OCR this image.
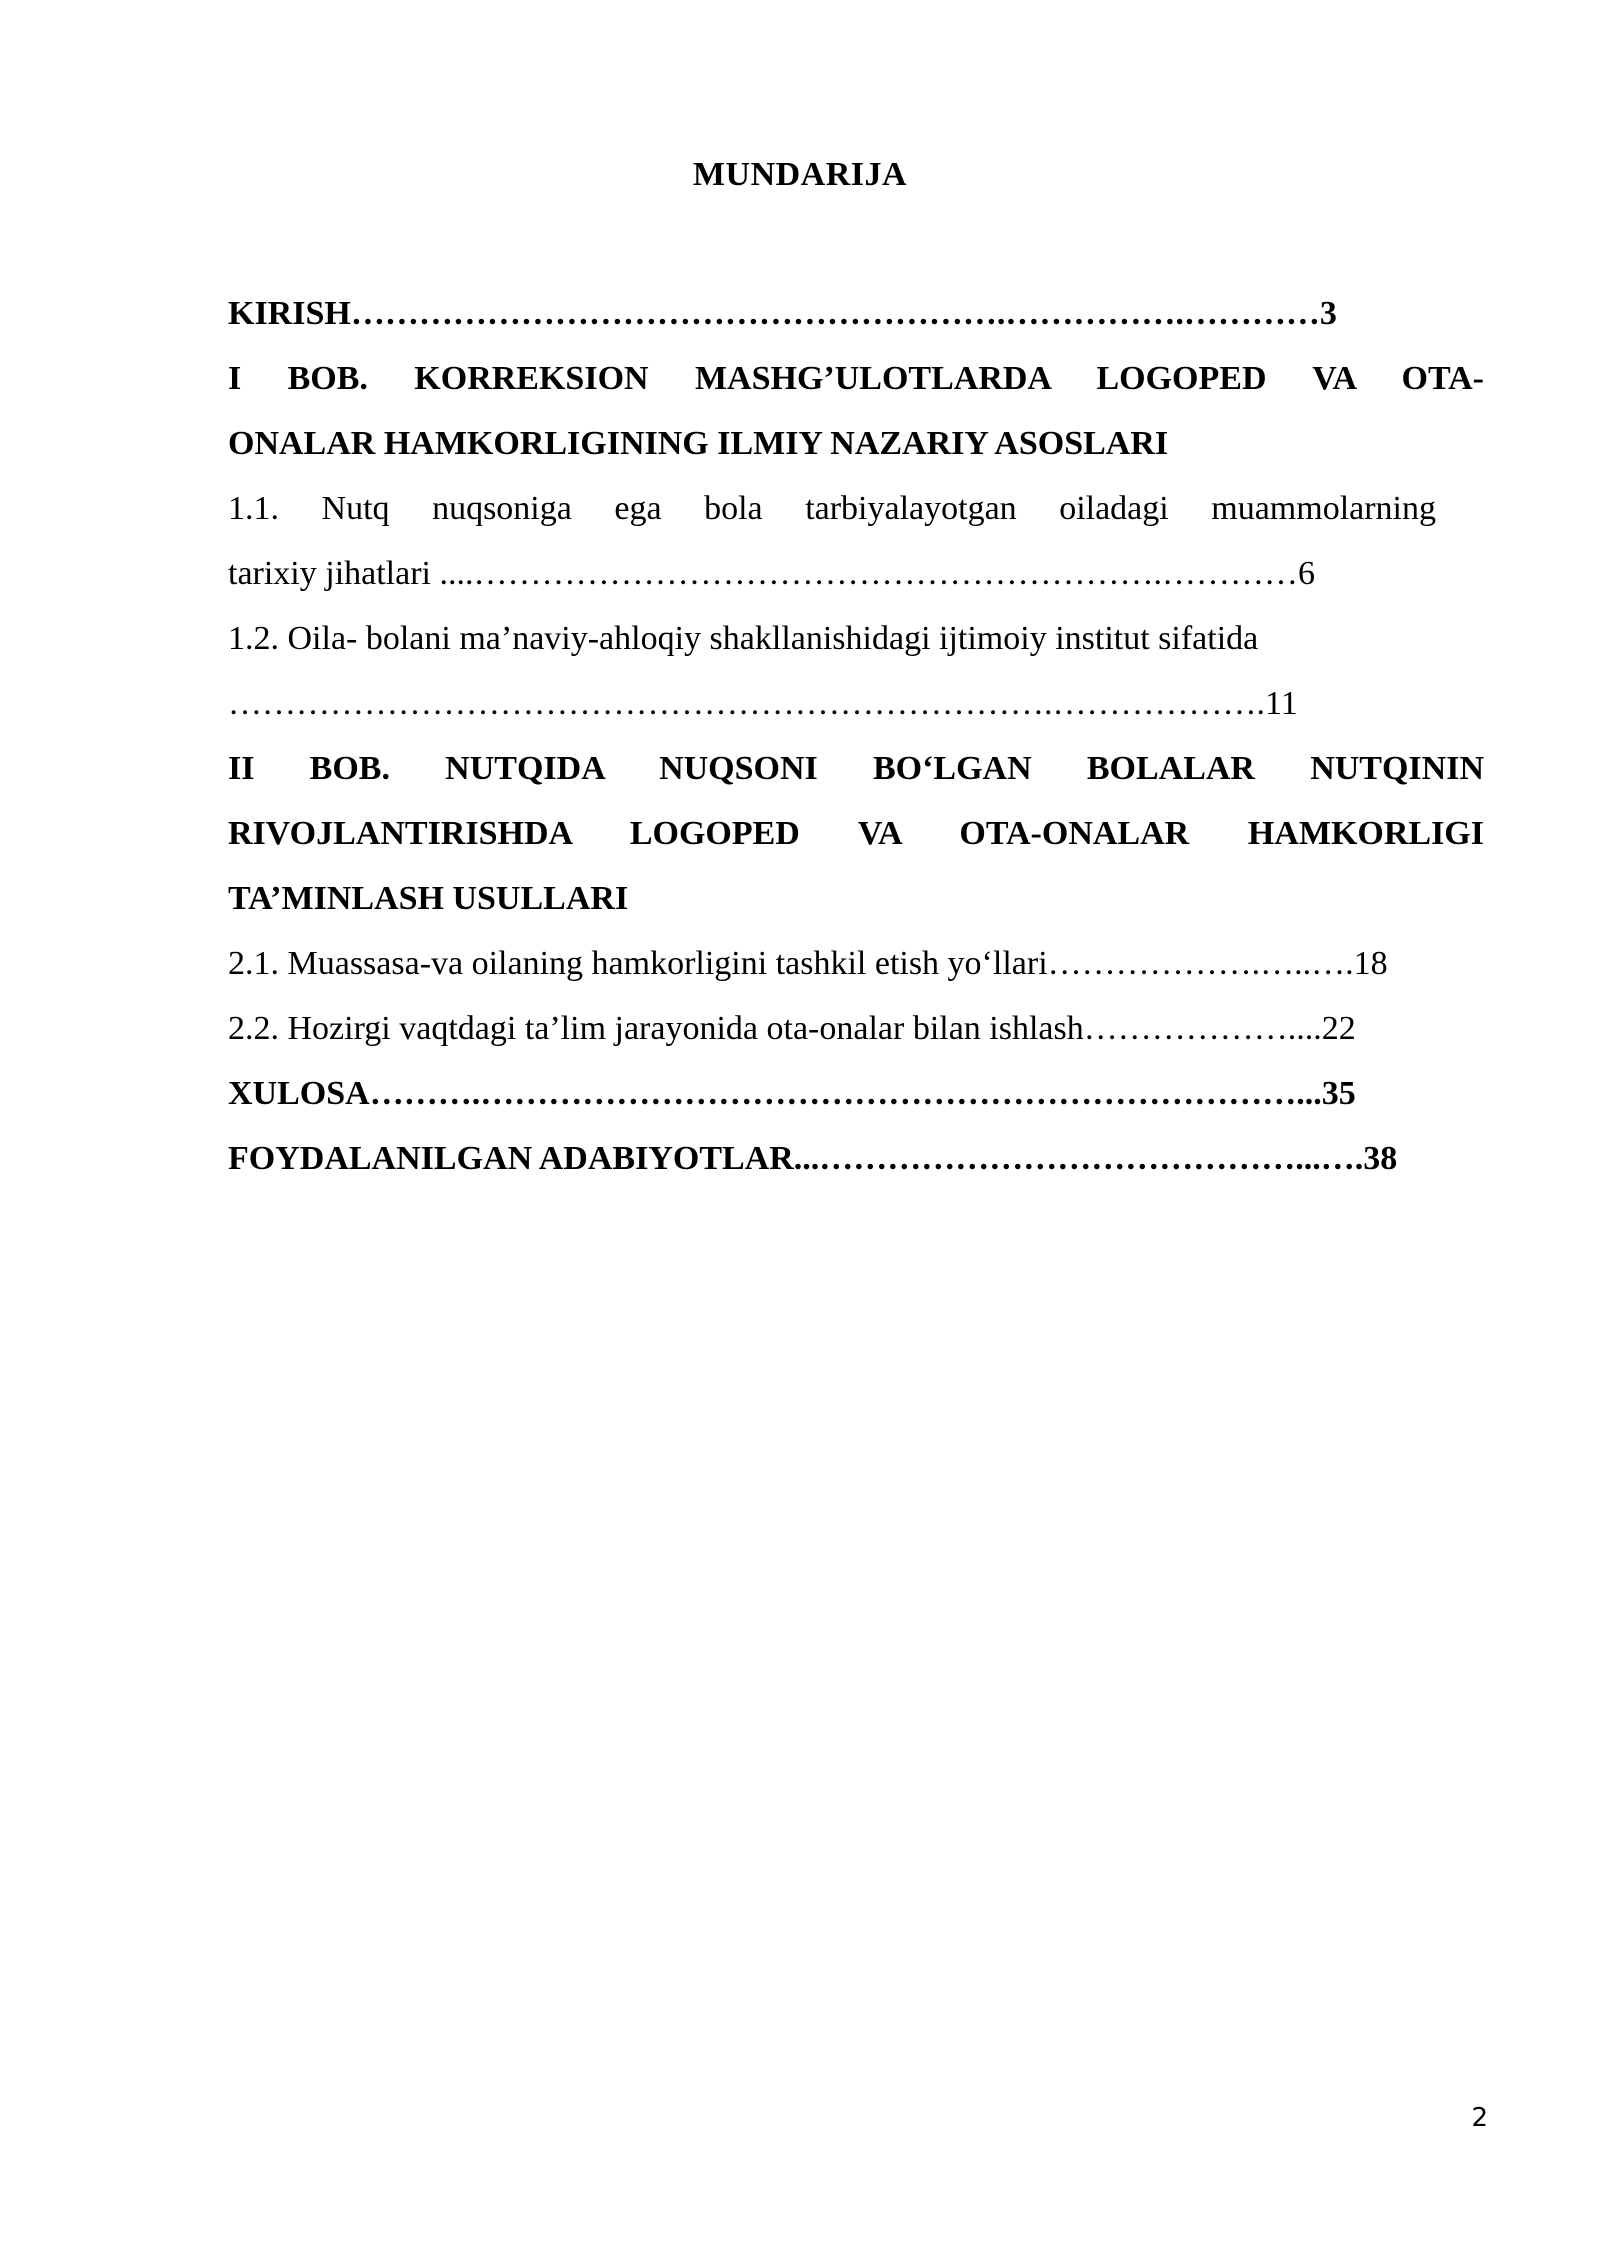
MUNDARIJA
KIRISH………………………………………………….…………….…………3
I BOB. KORREKSION MASHG’ULOTLARDA LOGOPED VA OTA-
ONALAR HAMKORLIGINING ILMIY NAZARIY ASOSLARI
1.1. Nutq nuqsoniga ega bola tarbiyalayotgan oiladagi muammolarning
tarixiy jihatlari ....…………………………………………………….…………6
1.2. Oila- bolani ma’naviy-ahloqiy shakllanishidagi ijtimoiy institut sifatida
……………………………………………………………….……………….11
II BOB. NUTQIDA NUQSONI BO‘LGAN BOLALAR NUTQININ
RIVOJLANTIRISHDA LOGOPED VA OTA-ONALAR HAMKORLIGI
TA’MINLASH USULLARI
2.1. Muassasa-va oilaning hamkorligini tashkil etish yo‘llari……………….…..….18
2.2. Hozirgi vaqtdagi ta’lim jarayonida ota-onalar bilan ishlash………………....22
XULOSA……….………………………………………………………………...35
FOYDALANILGAN ADABIYOTLAR...……………………………………...….38
2
